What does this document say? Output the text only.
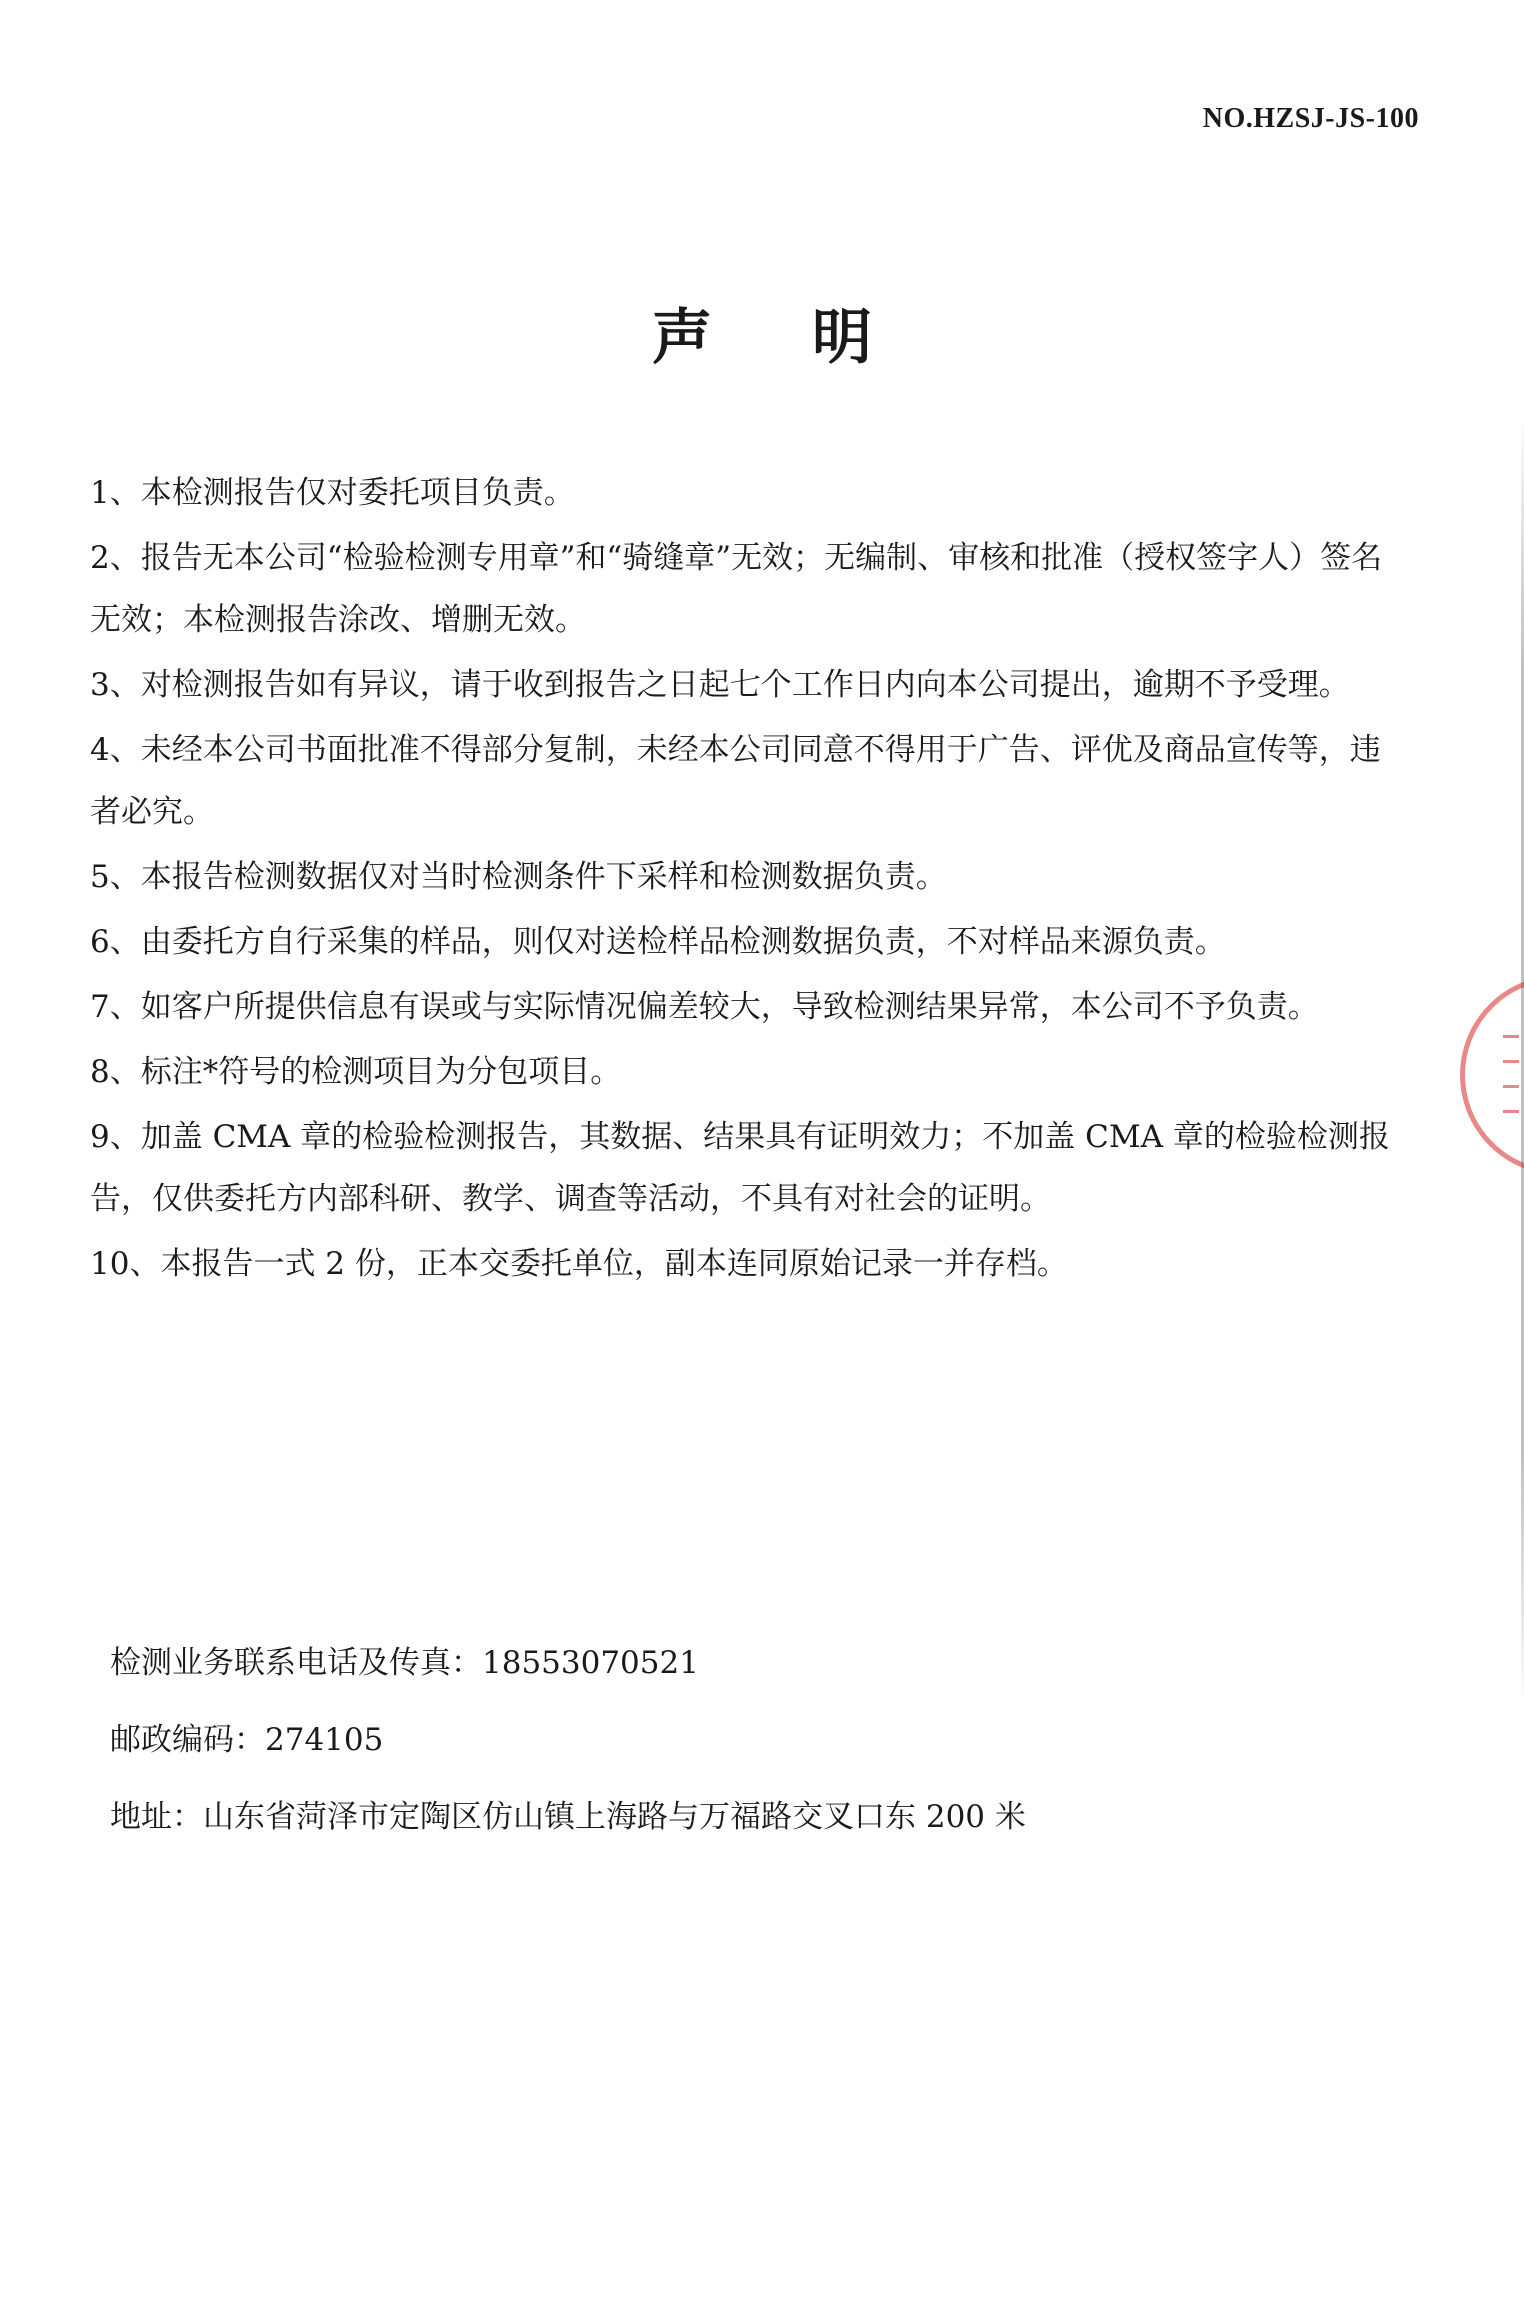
NO.HZSJ-JS-100
声明
1、本检测报告仅对委托项目负责。
2、报告无本公司“检验检测专用章”和“骑缝章”无效；无编制、审核和批准（授权签字人）签名无效；本检测报告涂改、增删无效。
3、对检测报告如有异议，请于收到报告之日起七个工作日内向本公司提出，逾期不予受理。
4、未经本公司书面批准不得部分复制，未经本公司同意不得用于广告、评优及商品宣传等，违者必究。
5、本报告检测数据仅对当时检测条件下采样和检测数据负责。
6、由委托方自行采集的样品，则仅对送检样品检测数据负责，不对样品来源负责。
7、如客户所提供信息有误或与实际情况偏差较大，导致检测结果异常，本公司不予负责。
8、标注*符号的检测项目为分包项目。
9、加盖 CMA 章的检验检测报告，其数据、结果具有证明效力；不加盖 CMA 章的检验检测报告，仅供委托方内部科研、教学、调查等活动，不具有对社会的证明。
10、本报告一式 2 份，正本交委托单位，副本连同原始记录一并存档。
检测业务联系电话及传真：18553070521
邮政编码：274105
地址：山东省菏泽市定陶区仿山镇上海路与万福路交叉口东 200 米
